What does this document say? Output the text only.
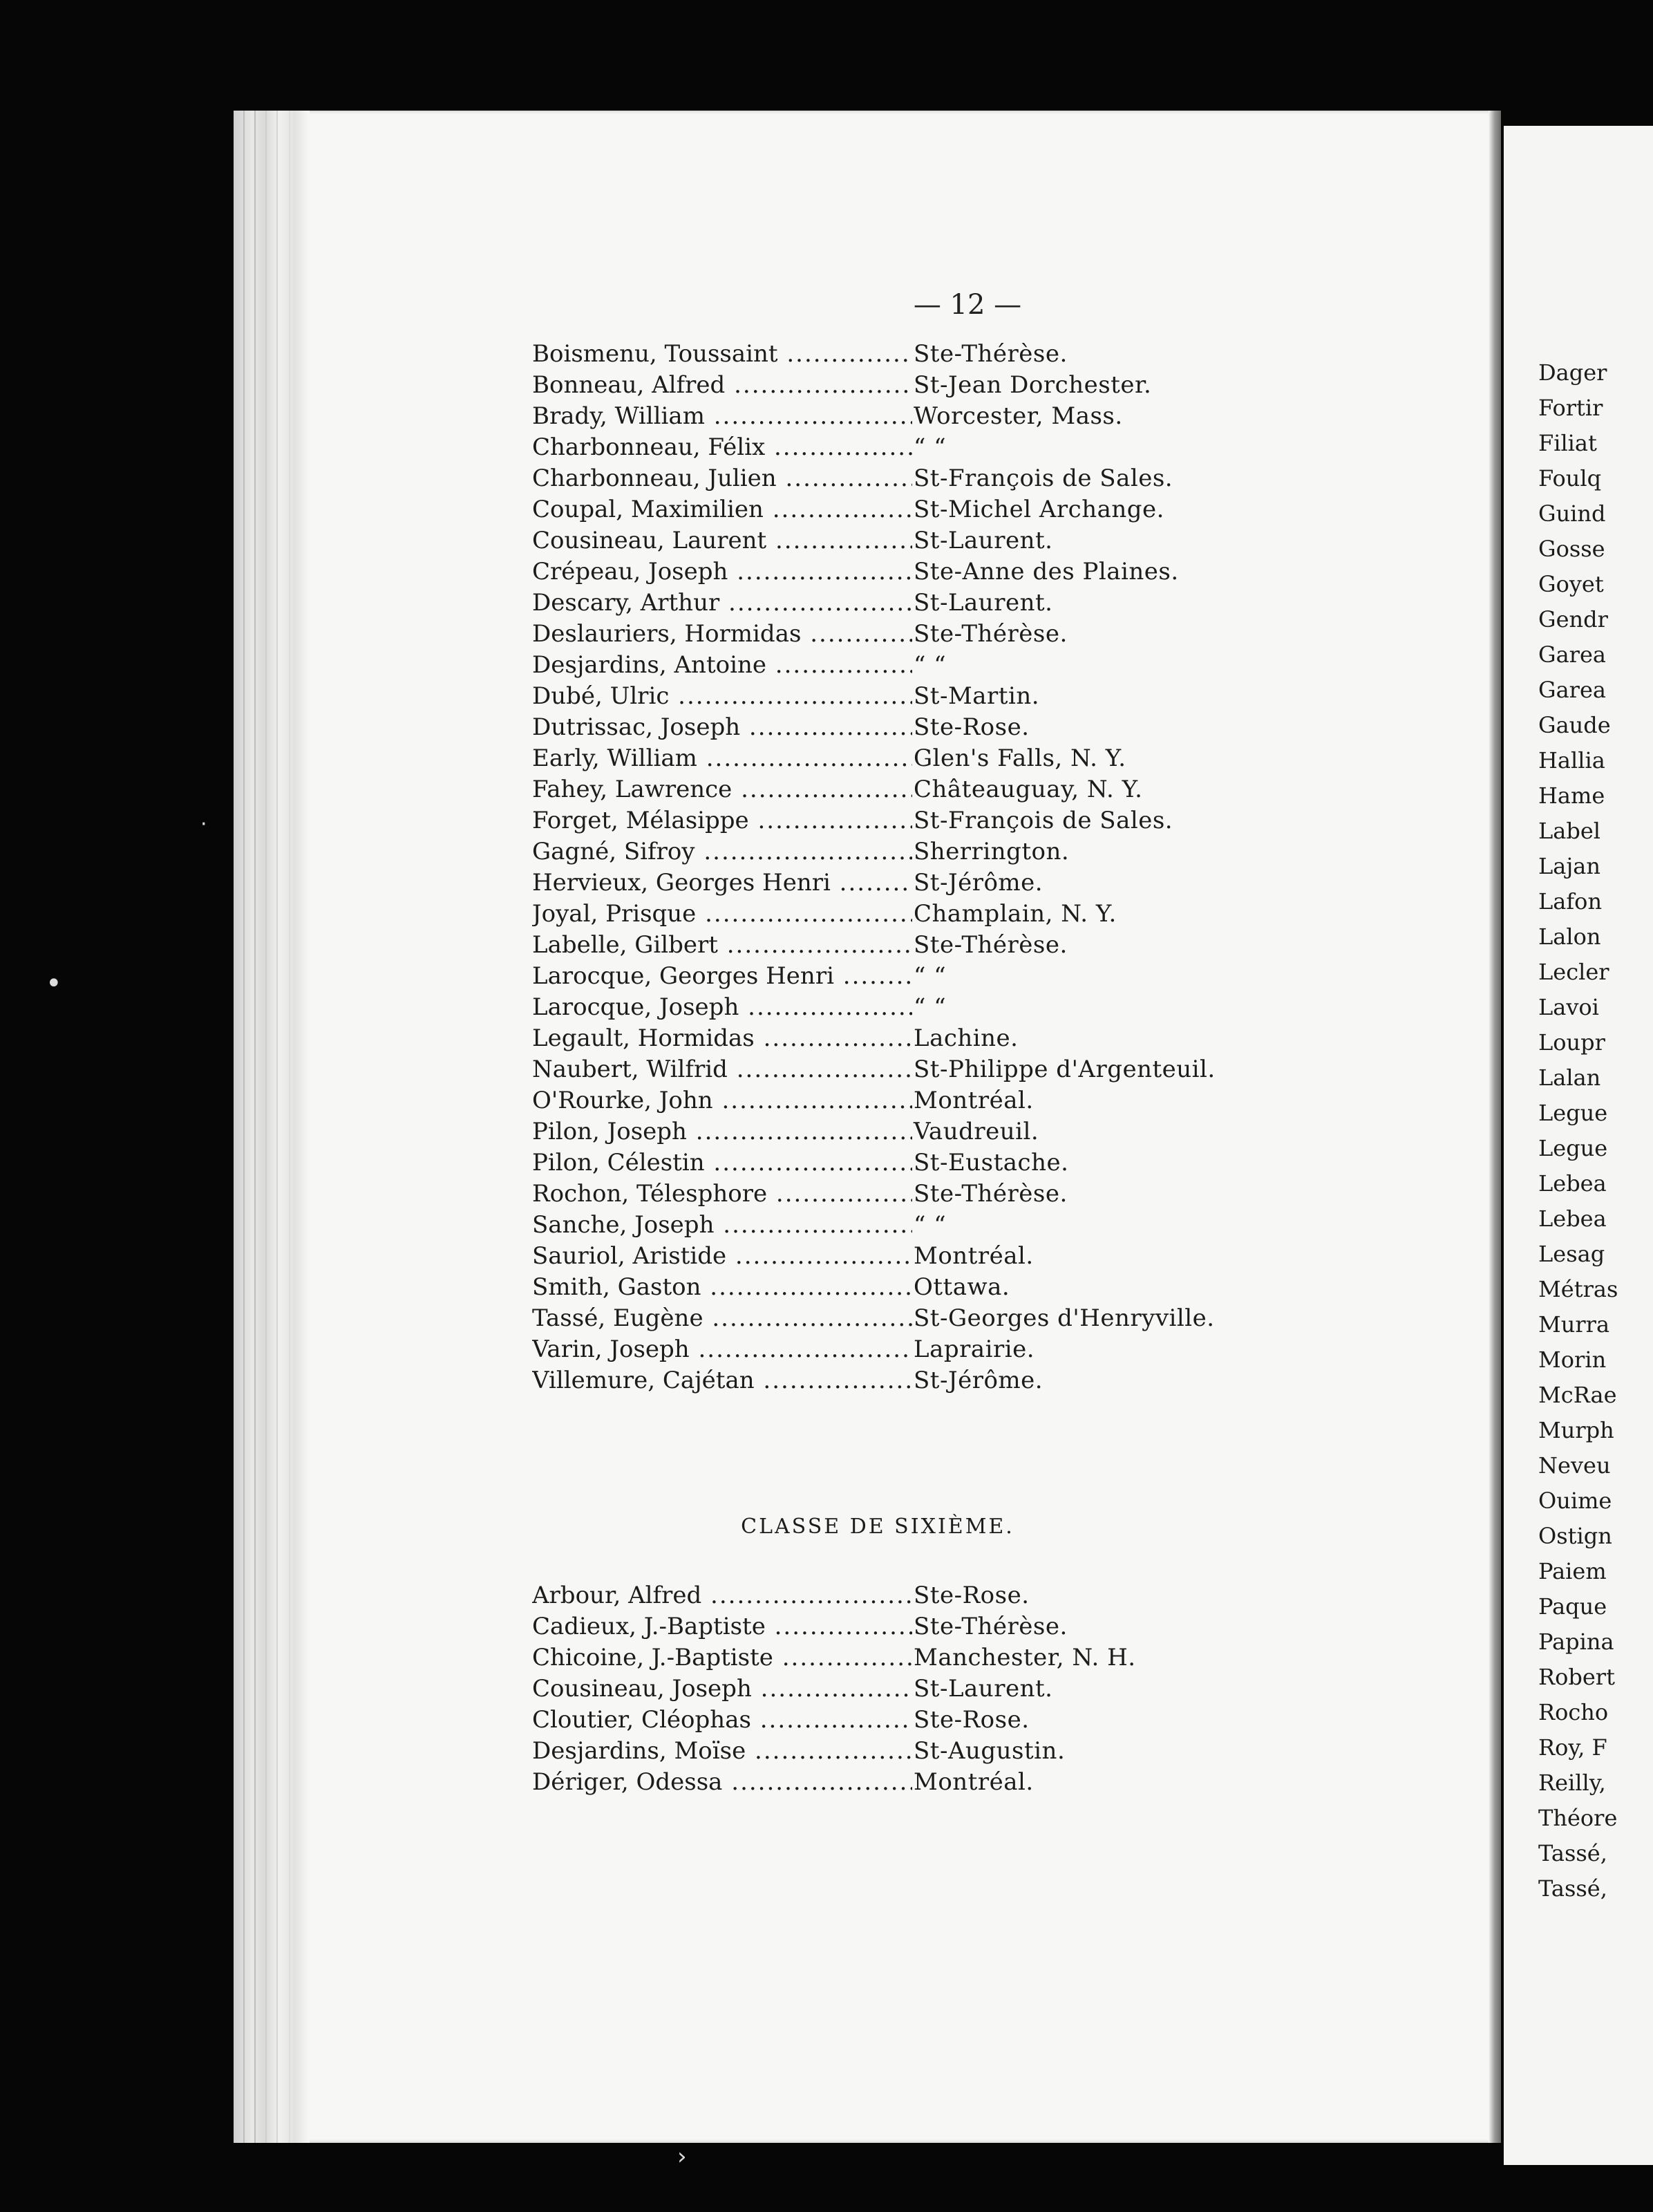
— 12 —
Boismenu, Toussaint .....	Ste-Thérèse.
Bonneau, Alfred .....	St-Jean Dorchester.
Brady, William .....	Worcester, Mass.
Charbonneau, Félix .....	“ “
Charbonneau, Julien .....	St-François de Sales.
Coupal, Maximilien .....	St-Michel Archange.
Cousineau, Laurent .....	St-Laurent.
Crépeau, Joseph .....	Ste-Anne des Plaines.
Descary, Arthur .....	St-Laurent.
Deslauriers, Hormidas .....	Ste-Thérèse.
Desjardins, Antoine .....	“ “
Dubé, Ulric .....	St-Martin.
Dutrissac, Joseph .....	Ste-Rose.
Early, William .....	Glen's Falls, N. Y.
Fahey, Lawrence .....	Châteauguay, N. Y.
Forget, Mélasippe .....	St-François de Sales.
Gagné, Sifroy .....	Sherrington.
Hervieux, Georges Henri .....	St-Jérôme.
Joyal, Prisque .....	Champlain, N. Y.
Labelle, Gilbert .....	Ste-Thérèse.
Larocque, Georges Henri .....	“ “
Larocque, Joseph .....	“ “
Legault, Hormidas .....	Lachine.
Naubert, Wilfrid .....	St-Philippe d'Argenteuil.
O'Rourke, John .....	Montréal.
Pilon, Joseph .....	Vaudreuil.
Pilon, Célestin .....	St-Eustache.
Rochon, Télesphore .....	Ste-Thérèse.
Sanche, Joseph .....	“ “
Sauriol, Aristide .....	Montréal.
Smith, Gaston .....	Ottawa.
Tassé, Eugène .....	St-Georges d'Henryville.
Varin, Joseph .....	Laprairie.
Villemure, Cajétan .....	St-Jérôme.
CLASSE DE SIXIÈME.
Arbour, Alfred .....	Ste-Rose.
Cadieux, J.-Baptiste .....	Ste-Thérèse.
Chicoine, J.-Baptiste .....	Manchester, N. H.
Cousineau, Joseph .....	St-Laurent.
Cloutier, Cléophas .....	Ste-Rose.
Desjardins, Moïse .....	St-Augustin.
Dériger, Odessa .....	Montréal.
Dager
Fortir
Filiat
Foulq
Guind
Gosse
Goyet
Gendr
Garea
Garea
Gaude
Hallia
Hame
Label
Lajan
Lafon
Lalon
Lecler
Lavoi
Loupr
Lalan
Legue
Legue
Lebea
Lebea
Lesag
Métras
Murra
Morin
McRae
Murph
Neveu
Ouime
Ostign
Paiem
Paque
Papina
Robert
Rocho
Roy, F
Reilly,
Théore
Tassé,
Tassé,
•
·
›
